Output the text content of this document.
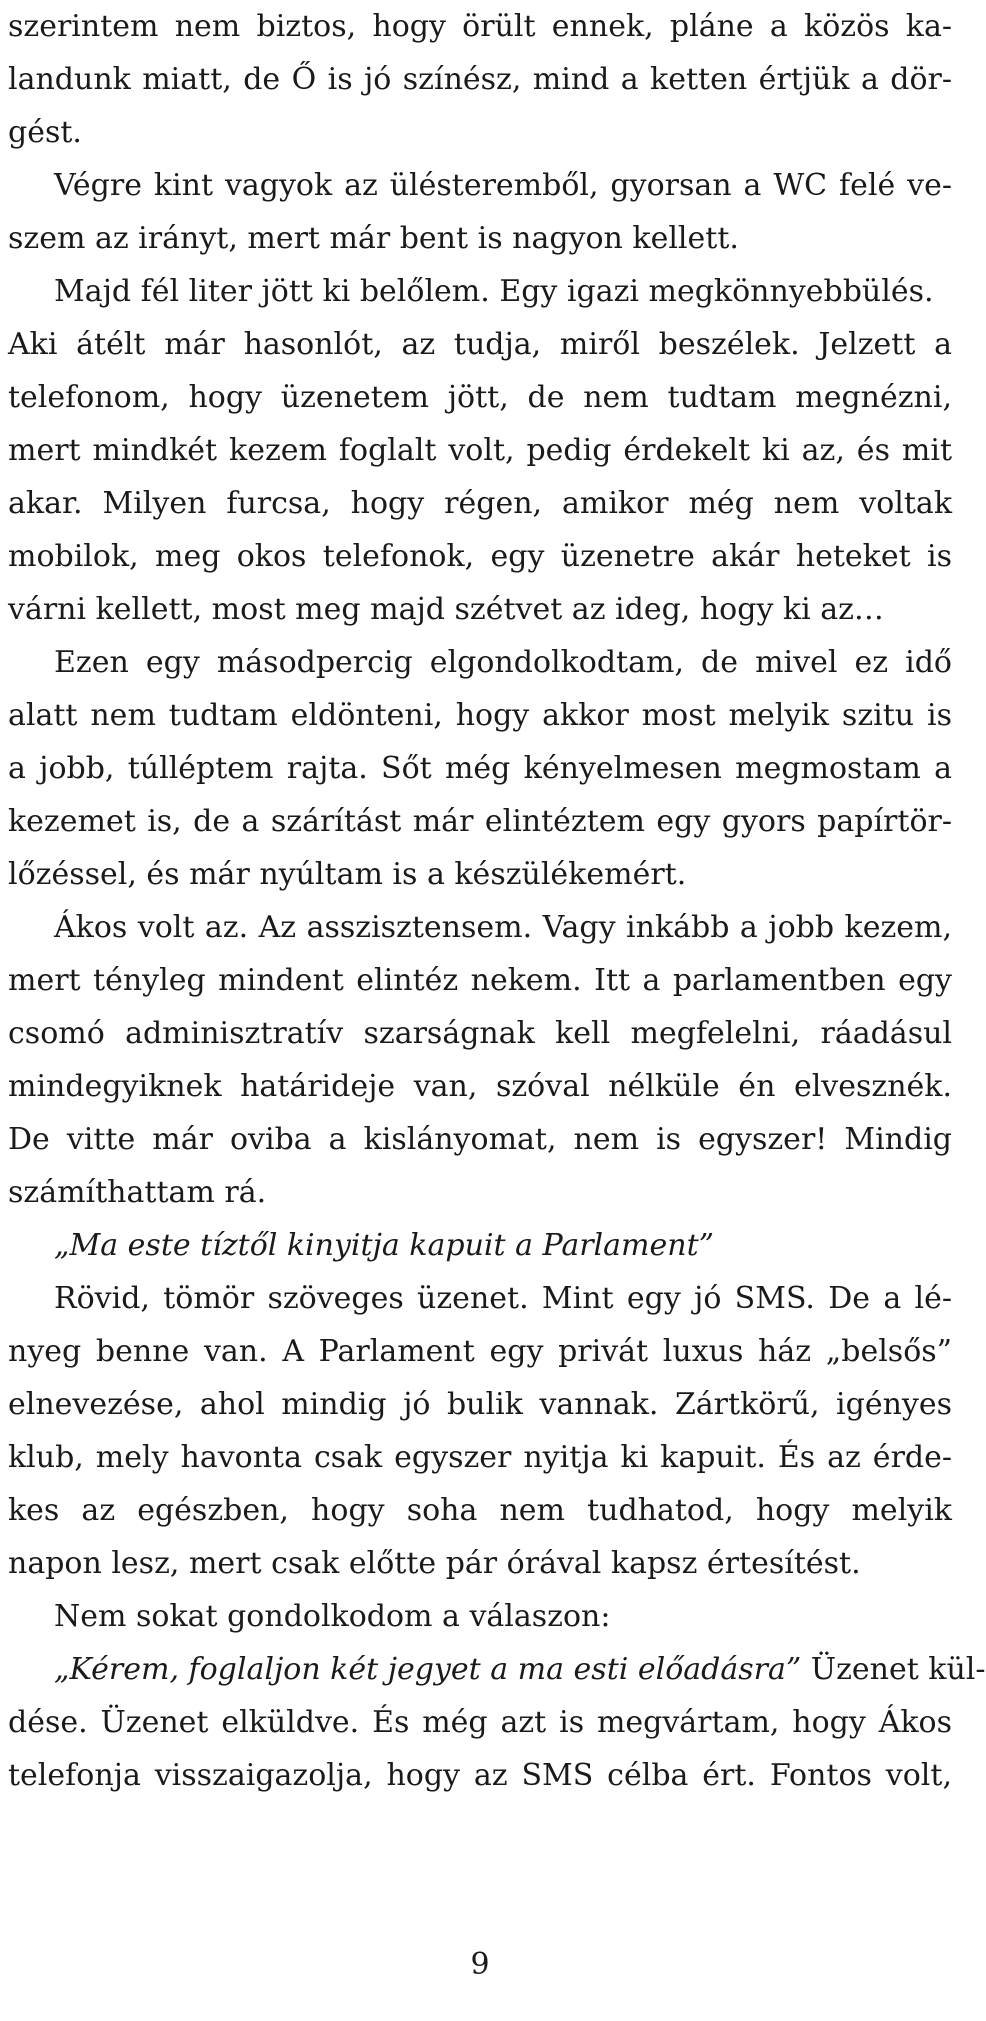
szerintem nem biztos, hogy örült ennek, pláne a közös ka-
landunk miatt, de Ő is jó színész, mind a ketten értjük a dör-
gést.
Végre kint vagyok az ülésteremből, gyorsan a WC felé ve-
szem az irányt, mert már bent is nagyon kellett.
Majd fél liter jött ki belőlem. Egy igazi megkönnyebbülés.
Aki átélt már hasonlót, az tudja, miről beszélek. Jelzett a
telefonom, hogy üzenetem jött, de nem tudtam megnézni,
mert mindkét kezem foglalt volt, pedig érdekelt ki az, és mit
akar. Milyen furcsa, hogy régen, amikor még nem voltak
mobilok, meg okos telefonok, egy üzenetre akár heteket is
várni kellett, most meg majd szétvet az ideg, hogy ki az…
Ezen egy másodpercig elgondolkodtam, de mivel ez idő
alatt nem tudtam eldönteni, hogy akkor most melyik szitu is
a jobb, túlléptem rajta. Sőt még kényelmesen megmostam a
kezemet is, de a szárítást már elintéztem egy gyors papírtör-
lőzéssel, és már nyúltam is a készülékemért.
Ákos volt az. Az asszisztensem. Vagy inkább a jobb kezem,
mert tényleg mindent elintéz nekem. Itt a parlamentben egy
csomó adminisztratív szarságnak kell megfelelni, ráadásul
mindegyiknek határideje van, szóval nélküle én elvesznék.
De vitte már oviba a kislányomat, nem is egyszer! Mindig
számíthattam rá.
„Ma este tíztől kinyitja kapuit a Parlament”
Rövid, tömör szöveges üzenet. Mint egy jó SMS. De a lé-
nyeg benne van. A Parlament egy privát luxus ház „belsős”
elnevezése, ahol mindig jó bulik vannak. Zártkörű, igényes
klub, mely havonta csak egyszer nyitja ki kapuit. És az érde-
kes az egészben, hogy soha nem tudhatod, hogy melyik
napon lesz, mert csak előtte pár órával kapsz értesítést.
Nem sokat gondolkodom a válaszon:
„Kérem, foglaljon két jegyet a ma esti előadásra” Üzenet kül-
dése. Üzenet elküldve. És még azt is megvártam, hogy Ákos
telefonja visszaigazolja, hogy az SMS célba ért. Fontos volt,
9
